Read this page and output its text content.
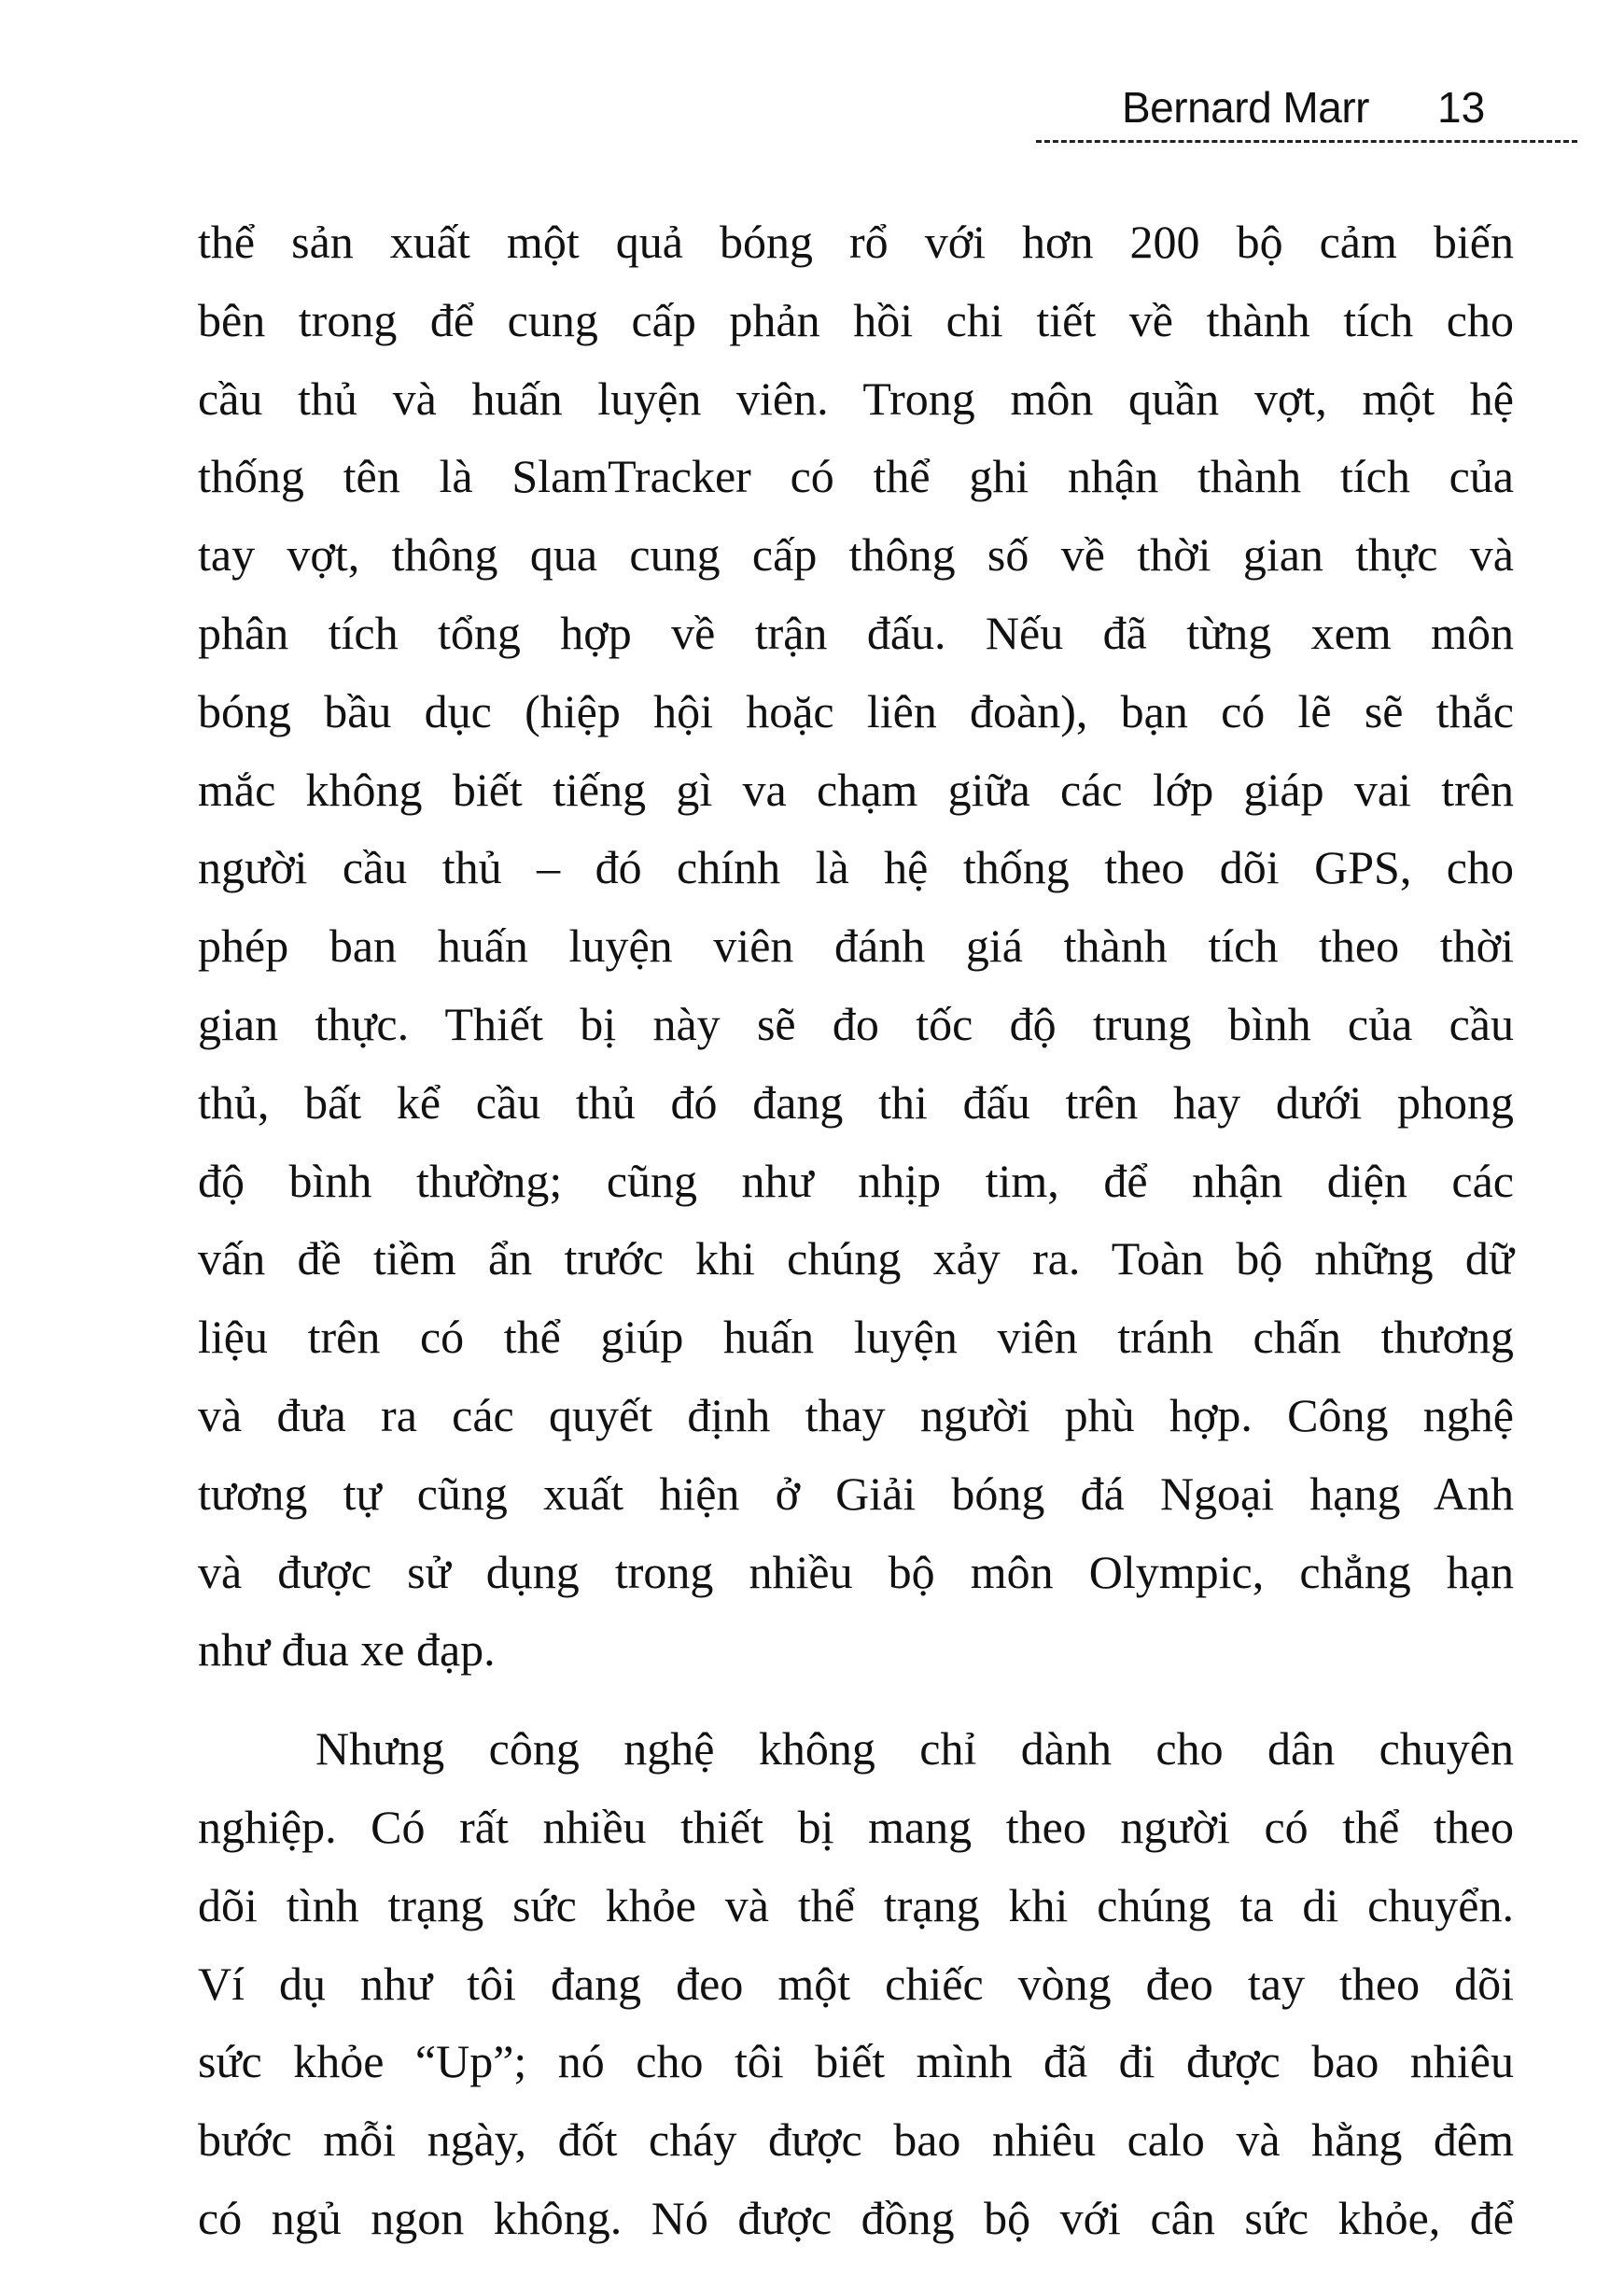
Bernard Marr 13
thể sản xuất một quả bóng rổ với hơn 200 bộ cảm biến
bên trong để cung cấp phản hồi chi tiết về thành tích cho
cầu thủ và huấn luyện viên. Trong môn quần vợt, một hệ
thống tên là SlamTracker có thể ghi nhận thành tích của
tay vợt, thông qua cung cấp thông số về thời gian thực và
phân tích tổng hợp về trận đấu. Nếu đã từng xem môn
bóng bầu dục (hiệp hội hoặc liên đoàn), bạn có lẽ sẽ thắc
mắc không biết tiếng gì va chạm giữa các lớp giáp vai trên
người cầu thủ – đó chính là hệ thống theo dõi GPS, cho
phép ban huấn luyện viên đánh giá thành tích theo thời
gian thực. Thiết bị này sẽ đo tốc độ trung bình của cầu
thủ, bất kể cầu thủ đó đang thi đấu trên hay dưới phong
độ bình thường; cũng như nhịp tim, để nhận diện các
vấn đề tiềm ẩn trước khi chúng xảy ra. Toàn bộ những dữ
liệu trên có thể giúp huấn luyện viên tránh chấn thương
và đưa ra các quyết định thay người phù hợp. Công nghệ
tương tự cũng xuất hiện ở Giải bóng đá Ngoại hạng Anh
và được sử dụng trong nhiều bộ môn Olympic, chẳng hạn
như đua xe đạp.
Nhưng công nghệ không chỉ dành cho dân chuyên
nghiệp. Có rất nhiều thiết bị mang theo người có thể theo
dõi tình trạng sức khỏe và thể trạng khi chúng ta di chuyển.
Ví dụ như tôi đang đeo một chiếc vòng đeo tay theo dõi
sức khỏe “Up”; nó cho tôi biết mình đã đi được bao nhiêu
bước mỗi ngày, đốt cháy được bao nhiêu calo và hằng đêm
có ngủ ngon không. Nó được đồng bộ với cân sức khỏe, để
